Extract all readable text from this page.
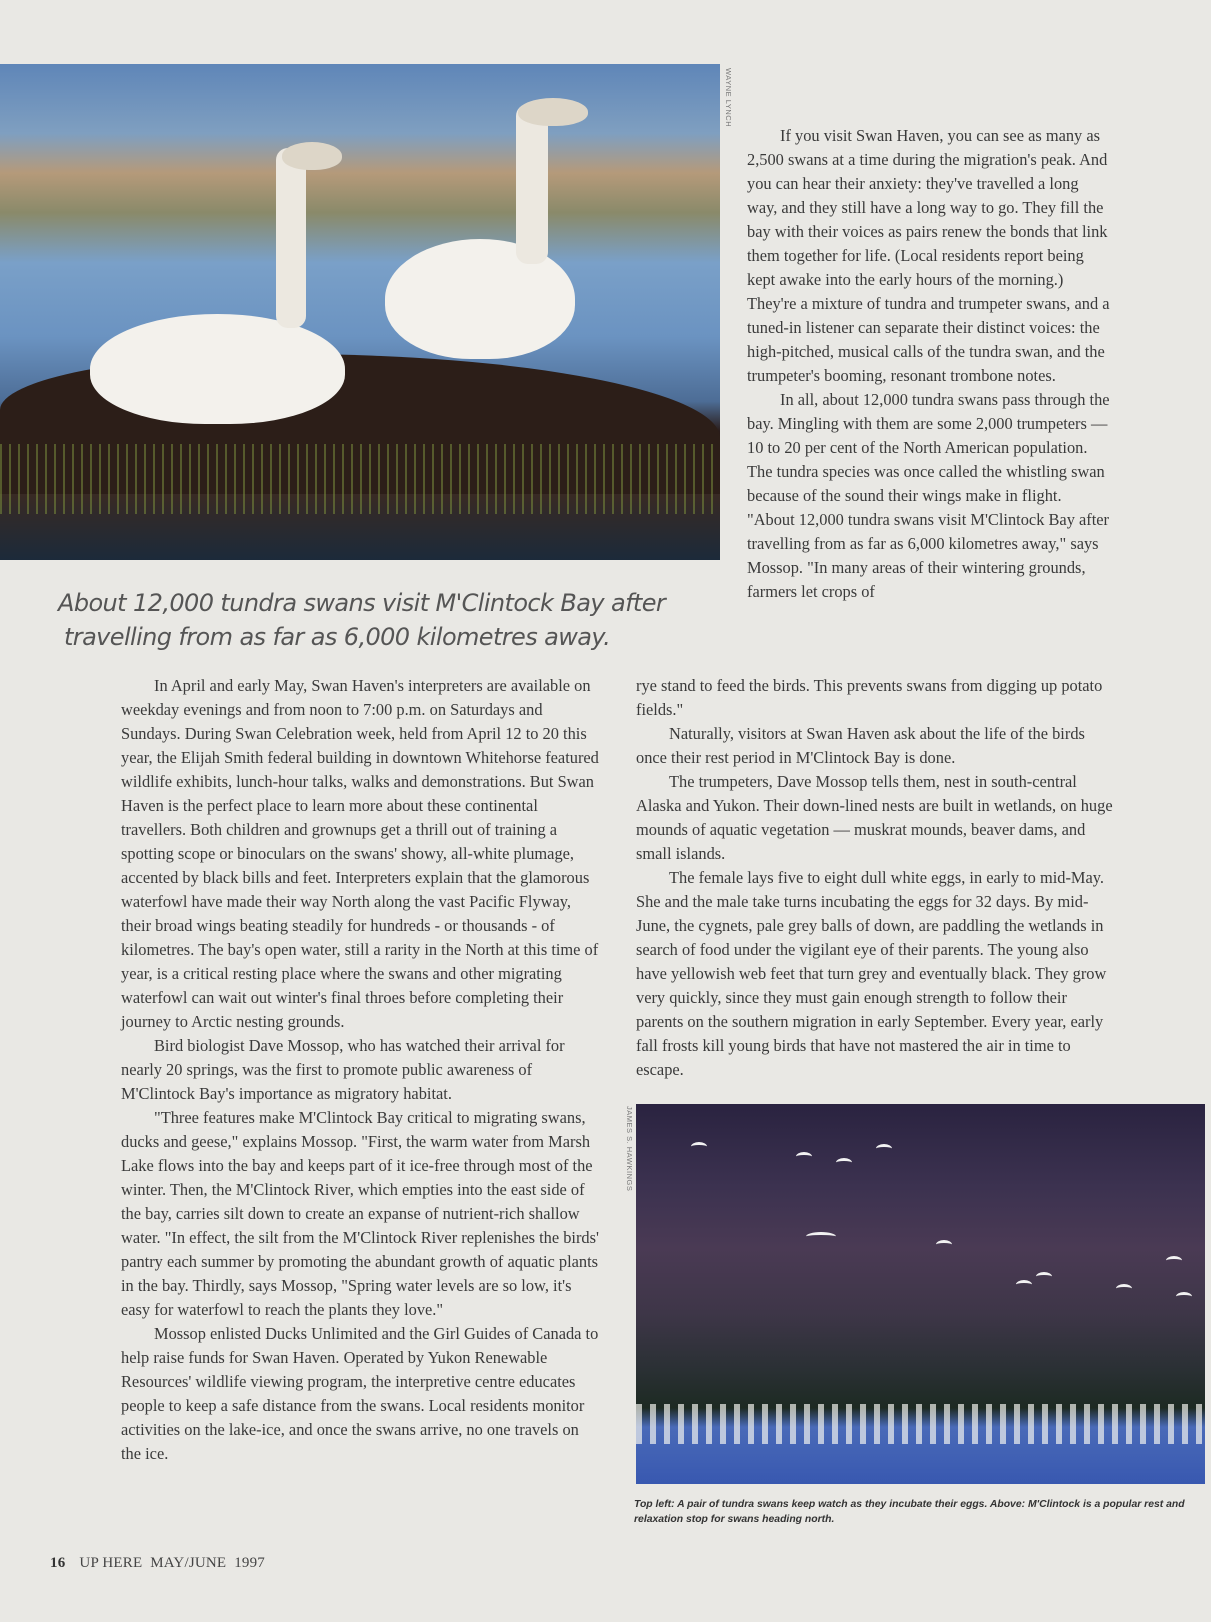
WAYNE LYNCH

If you visit Swan Haven, you can see as many as 2,500 swans at a time during the migration's peak. And you can hear their anxiety: they've travelled a long way, and they still have a long way to go. They fill the bay with their voices as pairs renew the bonds that link them together for life. (Local residents report being kept awake into the early hours of the morning.) They're a mixture of tundra and trumpeter swans, and a tuned-in listener can separate their distinct voices: the high-pitched, musical calls of the tundra swan, and the trumpeter's booming, resonant trombone notes.

In all, about 12,000 tundra swans pass through the bay. Mingling with them are some 2,000 trumpeters — 10 to 20 per cent of the North American population. The tundra species was once called the whistling swan because of the sound their wings make in flight. "About 12,000 tundra swans visit M'Clintock Bay after travelling from as far as 6,000 kilometres away," says Mossop. "In many areas of their wintering grounds, farmers let crops of

About 12,000 tundra swans visit M'Clintock Bay after
travelling from as far as 6,000 kilometres away.

rye stand to feed the birds. This prevents swans from digging up potato fields."

Naturally, visitors at Swan Haven ask about the life of the birds once their rest period in M'Clintock Bay is done.

The trumpeters, Dave Mossop tells them, nest in south-central Alaska and Yukon. Their down-lined nests are built in wetlands, on huge mounds of aquatic vegetation — muskrat mounds, beaver dams, and small islands.

The female lays five to eight dull white eggs, in early to mid-May. She and the male take turns incubating the eggs for 32 days. By mid-June, the cygnets, pale grey balls of down, are paddling the wetlands in search of food under the vigilant eye of their parents. The young also have yellowish web feet that turn grey and eventually black. They grow very quickly, since they must gain enough strength to follow their parents on the southern migration in early September. Every year, early fall frosts kill young birds that have not mastered the air in time to escape.

In April and early May, Swan Haven's interpreters are available on weekday evenings and from noon to 7:00 p.m. on Saturdays and Sundays. During Swan Celebration week, held from April 12 to 20 this year, the Elijah Smith federal building in downtown Whitehorse featured wildlife exhibits, lunch-hour talks, walks and demonstrations. But Swan Haven is the perfect place to learn more about these continental travellers. Both children and grownups get a thrill out of training a spotting scope or binoculars on the swans' showy, all-white plumage, accented by black bills and feet. Interpreters explain that the glamorous waterfowl have made their way North along the vast Pacific Flyway, their broad wings beating steadily for hundreds - or thousands - of kilometres. The bay's open water, still a rarity in the North at this time of year, is a critical resting place where the swans and other migrating waterfowl can wait out winter's final throes before completing their journey to Arctic nesting grounds.

Bird biologist Dave Mossop, who has watched their arrival for nearly 20 springs, was the first to promote public awareness of M'Clintock Bay's importance as migratory habitat.

"Three features make M'Clintock Bay critical to migrating swans, ducks and geese," explains Mossop. "First, the warm water from Marsh Lake flows into the bay and keeps part of it ice-free through most of the winter. Then, the M'Clintock River, which empties into the east side of the bay, carries silt down to create an expanse of nutrient-rich shallow water. "In effect, the silt from the M'Clintock River replenishes the birds' pantry each summer by promoting the abundant growth of aquatic plants in the bay. Thirdly, says Mossop, "Spring water levels are so low, it's easy for waterfowl to reach the plants they love."

Mossop enlisted Ducks Unlimited and the Girl Guides of Canada to help raise funds for Swan Haven. Operated by Yukon Renewable Resources' wildlife viewing program, the interpretive centre educates people to keep a safe distance from the swans. Local residents monitor activities on the lake-ice, and once the swans arrive, no one travels on the ice.

JAMES S. HAWKINGS
Top left: A pair of tundra swans keep watch as they incubate their eggs. Above: M'Clintock is a popular rest and relaxation stop for swans heading north.
16 UP HERE  MAY/JUNE  1997
